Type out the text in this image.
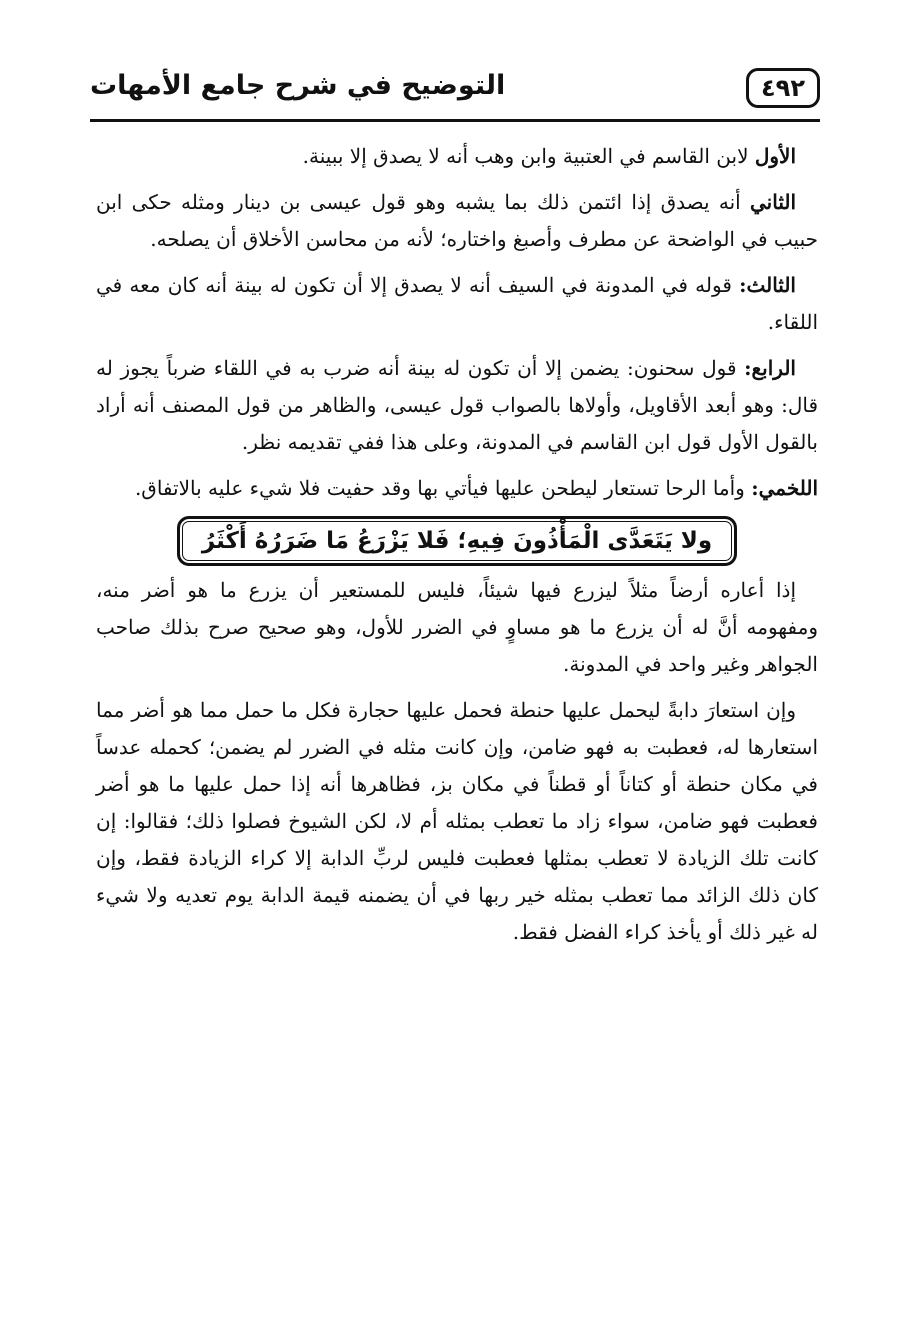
٤٩٢
التوضيح في شرح جامع الأمهات

الأول لابن القاسم في العتبية وابن وهب أنه لا يصدق إلا ببينة.

الثاني أنه يصدق إذا ائتمن ذلك بما يشبه وهو قول عيسى بن دينار ومثله حكى ابن حبيب في الواضحة عن مطرف وأصبغ واختاره؛ لأنه من محاسن الأخلاق أن يصلحه.

الثالث: قوله في المدونة في السيف أنه لا يصدق إلا أن تكون له بينة أنه كان معه في اللقاء.

الرابع: قول سحنون: يضمن إلا أن تكون له بينة أنه ضرب به في اللقاء ضرباً يجوز له قال: وهو أبعد الأقاويل، وأولاها بالصواب قول عيسى، والظاهر من قول المصنف أنه أراد بالقول الأول قول ابن القاسم في المدونة، وعلى هذا ففي تقديمه نظر.

اللخمي: وأما الرحا تستعار ليطحن عليها فيأتي بها وقد حفيت فلا شيء عليه بالاتفاق.

ولا يَتَعَدَّى الْمَأْذُونَ فِيهِ؛ فَلا يَزْرَعُ مَا ضَرَرُهُ أَكْثَرُ

إذا أعاره أرضاً مثلاً ليزرع فيها شيئاً، فليس للمستعير أن يزرع ما هو أضر منه، ومفهومه أنَّ له أن يزرع ما هو مساوٍ في الضرر للأول، وهو صحيح صرح بذلك صاحب الجواهر وغير واحد في المدونة.

وإن استعارَ دابةً ليحمل عليها حنطة فحمل عليها حجارة فكل ما حمل مما هو أضر مما استعارها له، فعطبت به فهو ضامن، وإن كانت مثله في الضرر لم يضمن؛ كحمله عدساً في مكان حنطة أو كتاناً أو قطناً في مكان بز، فظاهرها أنه إذا حمل عليها ما هو أضر فعطبت فهو ضامن، سواء زاد ما تعطب بمثله أم لا، لكن الشيوخ فصلوا ذلك؛ فقالوا: إن كانت تلك الزيادة لا تعطب بمثلها فعطبت فليس لربِّ الدابة إلا كراء الزيادة فقط، وإن كان ذلك الزائد مما تعطب بمثله خير ربها في أن يضمنه قيمة الدابة يوم تعديه ولا شيء له غير ذلك أو يأخذ كراء الفضل فقط.
